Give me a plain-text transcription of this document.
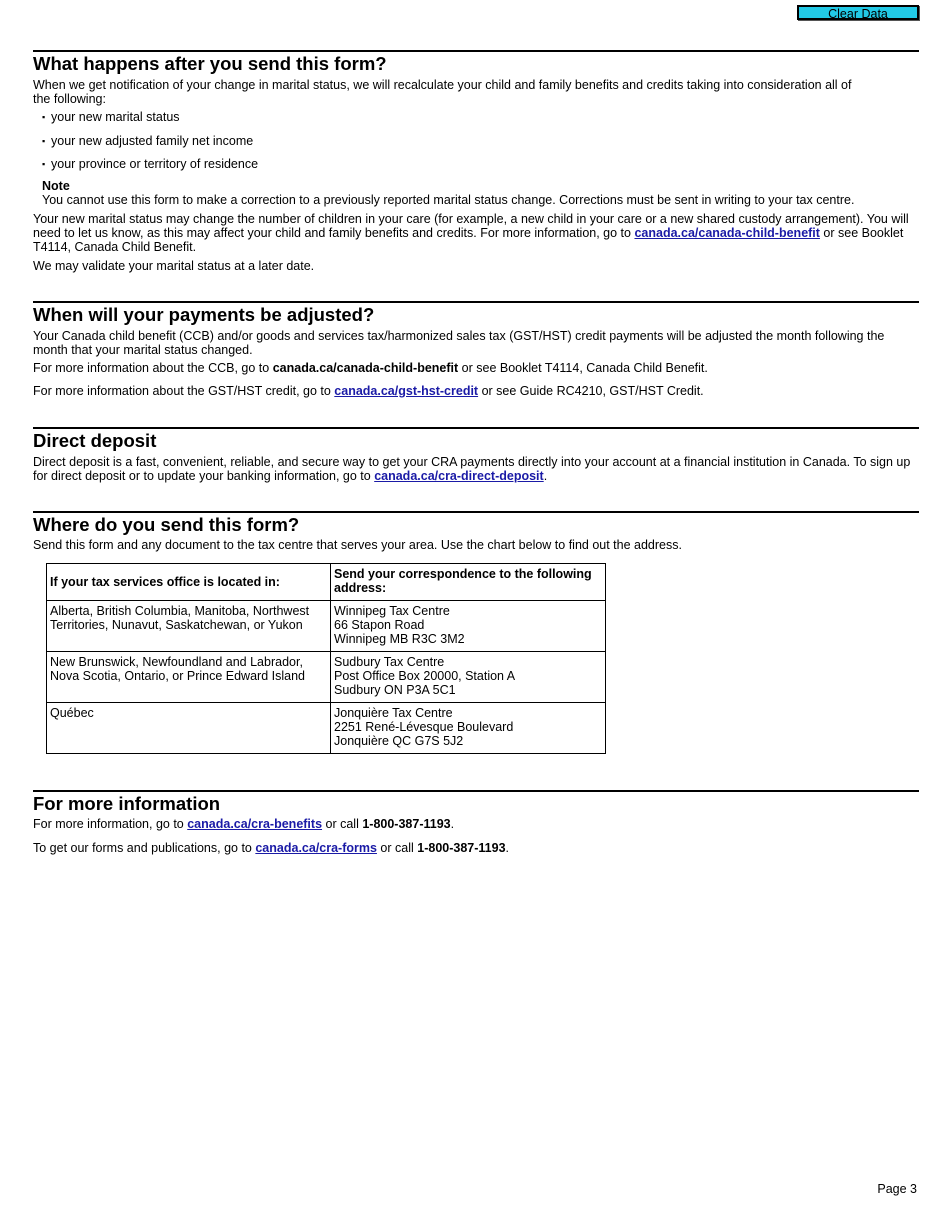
Clear Data
What happens after you send this form?

When we get notification of your change in marital status, we will recalculate your child and family benefits and credits taking into consideration all of the following:

▪ your new marital status
▪ your new adjusted family net income
▪ your province or territory of residence
Note

You cannot use this form to make a correction to a previously reported marital status change. Corrections must be sent in writing to your tax centre.

Your new marital status may change the number of children in your care (for example, a new child in your care or a new shared custody arrangement). You will need to let us know, as this may affect your child and family benefits and credits. For more information, go to canada.ca/canada-child-benefit or see Booklet T4114, Canada Child Benefit.

We may validate your marital status at a later date.

When will your payments be adjusted?

Your Canada child benefit (CCB) and/or goods and services tax/harmonized sales tax (GST/HST) credit payments will be adjusted the month following the month that your marital status changed.

For more information about the CCB, go to canada.ca/canada-child-benefit or see Booklet T4114, Canada Child Benefit.

For more information about the GST/HST credit, go to canada.ca/gst-hst-credit or see Guide RC4210, GST/HST Credit.

Direct deposit

Direct deposit is a fast, convenient, reliable, and secure way to get your CRA payments directly into your account at a financial institution in Canada. To sign up for direct deposit or to update your banking information, go to canada.ca/cra-direct-deposit.

Where do you send this form?

Send this form and any document to the tax centre that serves your area. Use the chart below to find out the address.

If your tax services office is located in:	Send your correspondence to the following address:
Alberta, British Columbia, Manitoba, Northwest Territories, Nunavut, Saskatchewan, or Yukon	Winnipeg Tax Centre
66 Stapon Road
Winnipeg MB R3C 3M2

New Brunswick, Newfoundland and Labrador, Nova Scotia, Ontario, or Prince Edward Island	Sudbury Tax Centre
Post Office Box 20000, Station A
Sudbury ON P3A 5C1

Québec	Jonquière Tax Centre
2251 René-Lévesque Boulevard
Jonquière QC G7S 5J2
For more information

For more information, go to canada.ca/cra-benefits or call 1-800-387-1193.

To get our forms and publications, go to canada.ca/cra-forms or call 1-800-387-1193.

Page 3
